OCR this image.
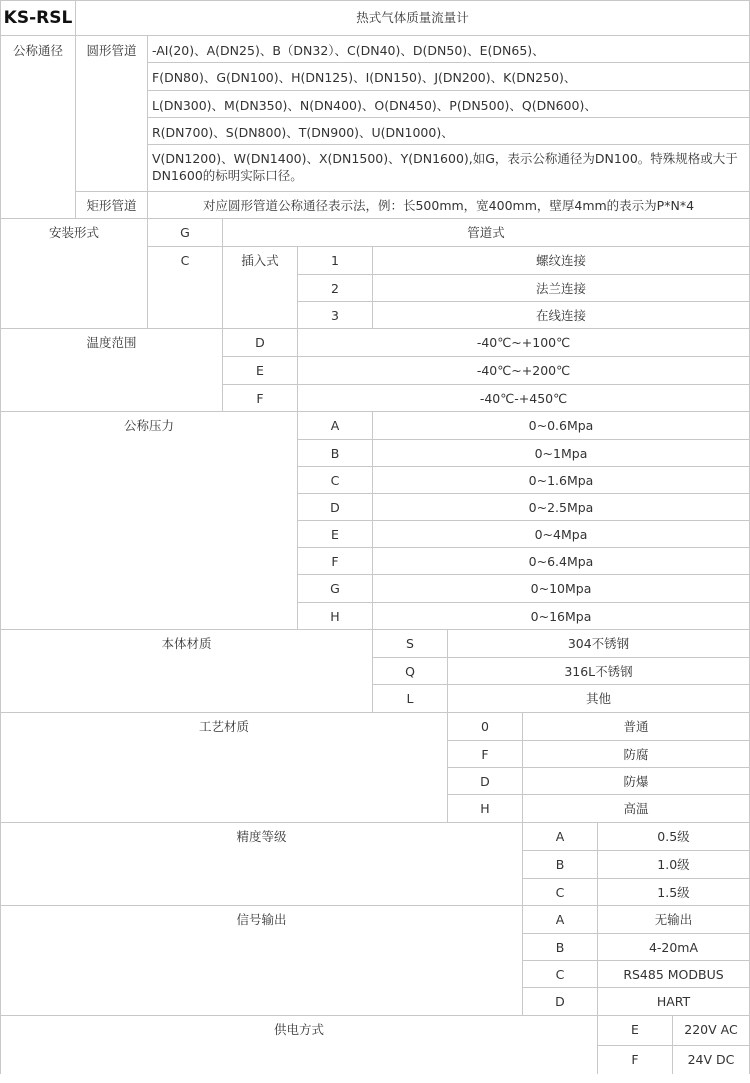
KS-RSL	热式气体质量流量计
公称通径	圆形管道	-AI(20)、A(DN25)、B（DN32）、C(DN40)、D(DN50)、E(DN65)、
F(DN80)、G(DN100)、H(DN125)、I(DN150)、J(DN200)、K(DN250)、
L(DN300)、M(DN350)、N(DN400)、O(DN450)、P(DN500)、Q(DN600)、
R(DN700)、S(DN800)、T(DN900)、U(DN1000)、
V(DN1200)、W(DN1400)、X(DN1500)、Y(DN1600),如G，表示公称通径为DN100。特殊规格或大于DN1600的标明实际口径。
矩形管道	对应圆形管道公称通径表示法，例：长500mm，宽400mm，壁厚4mm的表示为P*N*4
安装形式	G	管道式
C	插入式	1	螺纹连接
2	法兰连接
3	在线连接
温度范围	D	-40℃~+100℃
E	-40℃~+200℃
F	-40℃-+450℃
公称压力	A	0~0.6Mpa
B	0~1Mpa
C	0~1.6Mpa
D	0~2.5Mpa
E	0~4Mpa
F	0~6.4Mpa
G	0~10Mpa
H	0~16Mpa
本体材质	S	304不锈钢
Q	316L不锈钢
L	其他
工艺材质	0	普通
F	防腐
D	防爆
H	高温
精度等级	A	0.5级
B	1.0级
C	1.5级
信号输出	A	无输出
B	4-20mA
C	RS485 MODBUS
D	HART
供电方式	E	220V AC
F	24V DC
